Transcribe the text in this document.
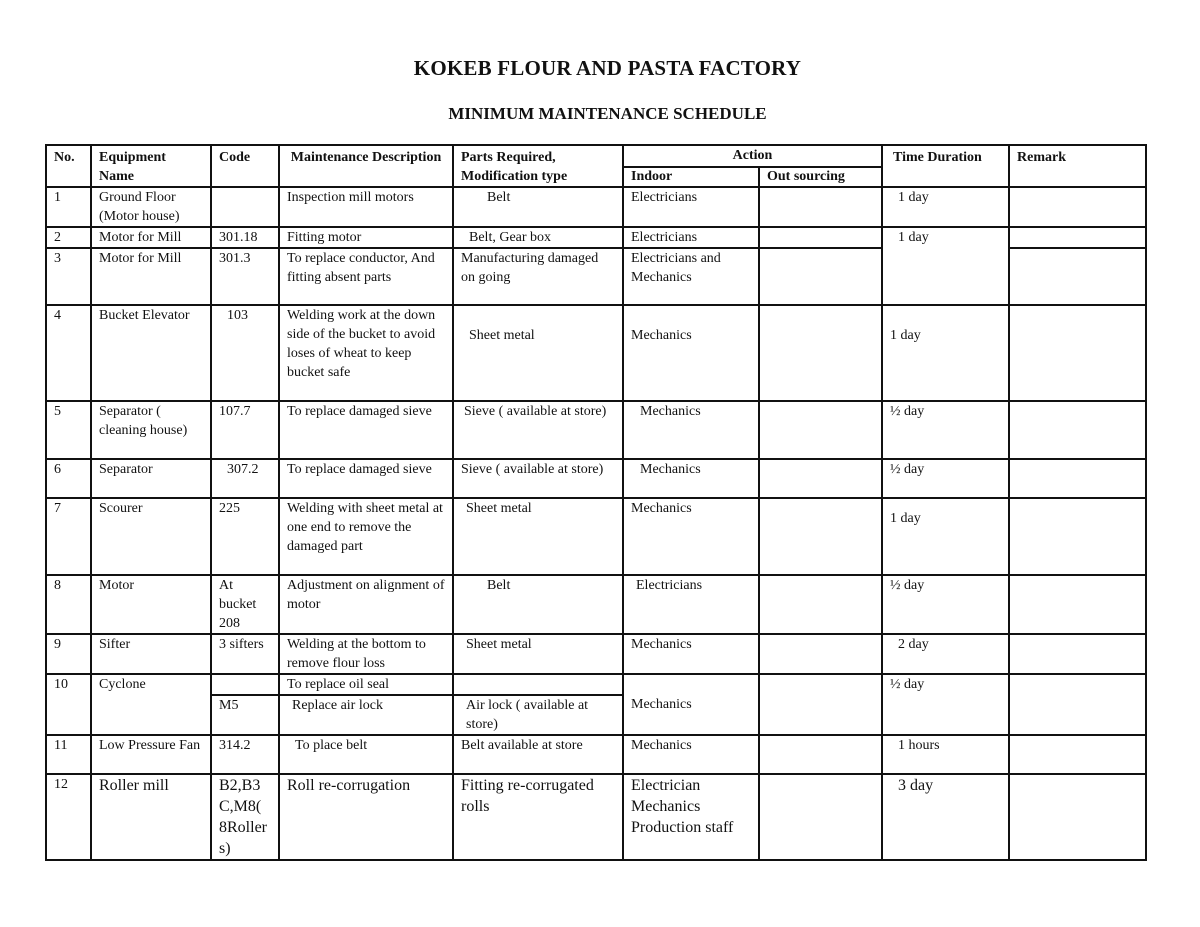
KOKEB FLOUR AND PASTA FACTORY
MINIMUM MAINTENANCE SCHEDULE
No.	Equipment Name	Code	Maintenance Description	Parts Required, Modification type	Action		Time Duration	Remark
					Indoor	Out sourcing		
1	Ground Floor (Motor house)		Inspection mill motors	Belt	Electricians		1 day	
2	Motor for Mill	301.18	Fitting motor	Belt, Gear box	Electricians		1 day	
3	Motor for Mill	301.3	To replace conductor, And fitting absent parts	Manufacturing damaged on going	Electricians and Mechanics			
4	Bucket Elevator	103	Welding work at the down side of the bucket to avoid loses of wheat to keep bucket safe	Sheet metal	Mechanics		1 day	
5	Separator ( cleaning house)	107.7	To replace damaged sieve	Sieve ( available at store)	Mechanics		½ day	
6	Separator	307.2	To replace damaged sieve	Sieve ( available at store)	Mechanics		½ day	
7	Scourer	225	Welding with sheet metal at one end to remove the damaged part	Sheet metal	Mechanics		1 day	
8	Motor	At bucket 208	Adjustment on alignment of motor	Belt	Electricians		½ day	
9	Sifter	3 sifters	Welding at the bottom to remove flour loss	Sheet metal	Mechanics		2 day	
10	Cyclone		To replace oil seal		Mechanics		½ day	
		M5	Replace air lock	Air lock ( available at store)				
11	Low Pressure Fan	314.2	To place belt	Belt available at store	Mechanics		1 hours	
12	Roller mill	B2,B3 C,M8( 8Roller s)	Roll re-corrugation	Fitting re-corrugated rolls	Electrician Mechanics Production staff		3 day	
